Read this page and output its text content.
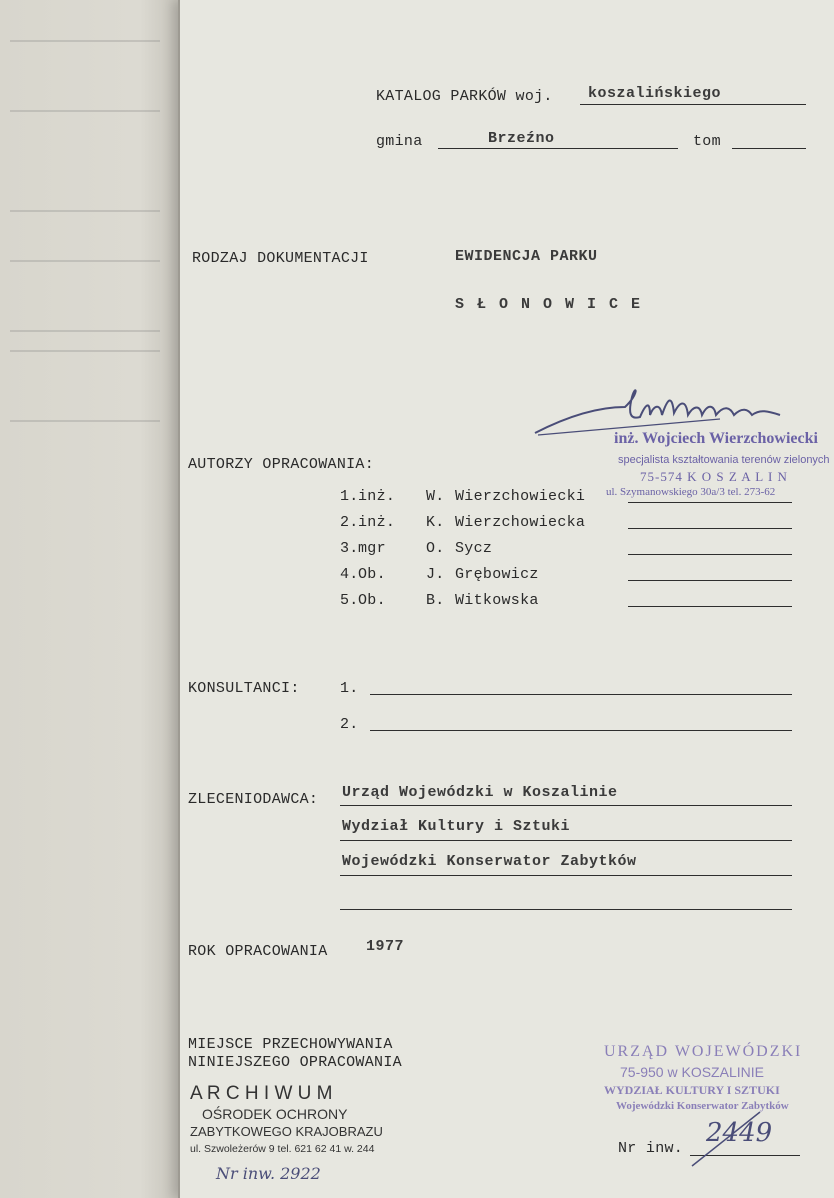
KATALOG PARKÓW woj. koszalińskiego
gmina	Brzeźno	tom
RODZAJ DOKUMENTACJI	EWIDENCJA PARKU
S Ł O N O W I C E
inż. Wojciech Wierzchowiecki
specjalista kształtowania terenów zielonych
75-574 K O S Z A L I N
ul. Szymanowskiego 30a/3 tel. 273-62
AUTORZY OPRACOWANIA:
1. inż. W. Wierzchowiecki
2. inż. K. Wierzchowiecka
3. mgr	O. Sycz
4. Ob.	J. Grębowicz
5. Ob.	B. Witkowska
KONSULTANCI:	1.
2.
ZLECENIODAWCA: Urząd Wojewódzki w Koszalinie
Wydział Kultury i Sztuki
Wojewódzki Konserwator Zabytków
ROK OPRACOWANIA	1977
MIEJSCE PRZECHOWYWANIA
NINIEJSZEGO OPRACOWANIA
A R C H I W U M
OŚRODEK OCHRONY
ZABYTKOWEGO KRAJOBRAZU
ul. Szwoleżerów 9 tel. 621 62 41 w. 244
Nr inw. 2922
URZĄD WOJEWÓDZKI
75-950 w KOSZALINIE
WYDZIAŁ KULTURY I SZTUKI
Wojewódzki Konserwator Zabytków
Nr inw.
2449
